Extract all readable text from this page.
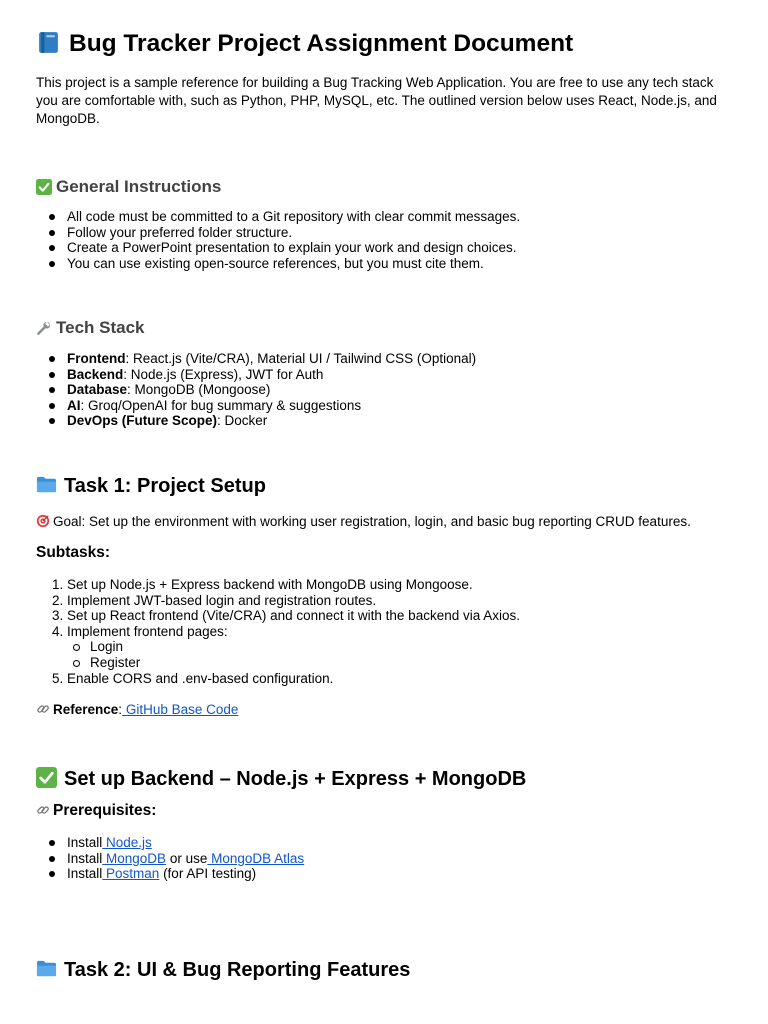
Bug Tracker Project Assignment Document

This project is a sample reference for building a Bug Tracking Web Application. You are free to use any tech stack you are comfortable with, such as Python, PHP, MySQL, etc. The outlined version below uses React, Node.js, and MongoDB.

General Instructions
All code must be committed to a Git repository with clear commit messages.
Follow your preferred folder structure.
Create a PowerPoint presentation to explain your work and design choices.
You can use existing open-source references, but you must cite them.
Tech Stack
Frontend: React.js (Vite/CRA), Material UI / Tailwind CSS (Optional)
Backend: Node.js (Express), JWT for Auth
Database: MongoDB (Mongoose)
AI: Groq/OpenAI for bug summary & suggestions
DevOps (Future Scope): Docker
Task 1: Project Setup

Goal: Set up the environment with working user registration, login, and basic bug reporting CRUD features.

Subtasks:
1. Set up Node.js + Express backend with MongoDB using Mongoose.
2. Implement JWT-based login and registration routes.
3. Set up React frontend (Vite/CRA) and connect it with the backend via Axios.
4. Implement frontend pages:
Login
Register
5. Enable CORS and .env-based configuration.

Reference: GitHub Base Code

Set up Backend – Node.js + Express + MongoDB
Prerequisites:
Install Node.js
Install MongoDB or use MongoDB Atlas
Install Postman (for API testing)
Task 2: UI & Bug Reporting Features
